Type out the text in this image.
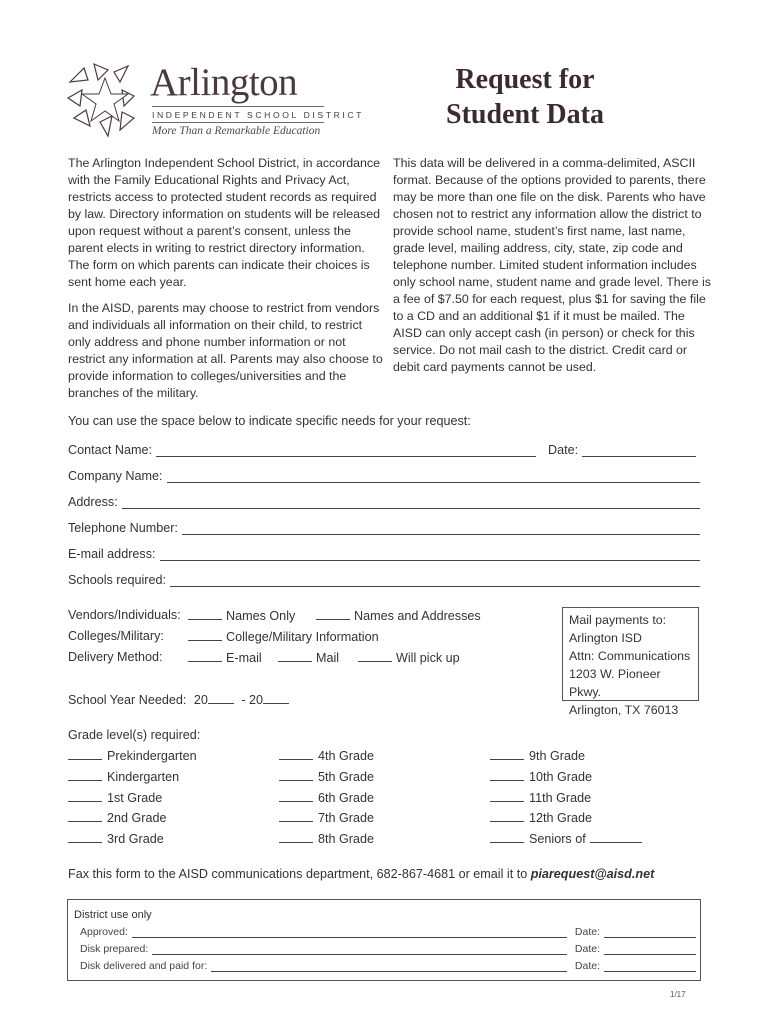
Arlington
INDEPENDENT SCHOOL DISTRICT
More Than a Remarkable Education
Request for
Student Data
The Arlington Independent School District, in accordance with the Family Educational Rights and Privacy Act, restricts access to protected student records as required by law. Directory information on students will be released upon request without a parent’s consent, unless the parent elects in writing to restrict directory information. The form on which parents can indicate their choices is sent home each year.
In the AISD, parents may choose to restrict from vendors and individuals all information on their child, to restrict only address and phone number information or not restrict any information at all. Parents may also choose to provide information to colleges/universities and the branches of the military.
This data will be delivered in a comma-delimited, ASCII format. Because of the options provided to parents, there may be more than one file on the disk. Parents who have chosen not to restrict any information allow the district to provide school name, student’s first name, last name, grade level, mailing address, city, state, zip code and telephone number. Limited student information includes only school name, student name and grade level. There is a fee of $7.50 for each request, plus $1 for saving the file to a CD and an additional $1 if it must be mailed. The AISD can only accept cash (in person) or check for this service. Do not mail cash to the district. Credit card or debit card payments cannot be used.
You can use the space below to indicate specific needs for your request:
Contact Name:	Date:
Company Name:
Address:
Telephone Number:
E-mail address:
Schools required:
Vendors/Individuals:	Names Only	Names and Addresses
Colleges/Military:	College/Military Information
Delivery Method:	E-mail	Mail	Will pick up
School Year Needed: 20	- 20
Mail payments to:
Arlington ISD
Attn: Communications
1203 W. Pioneer Pkwy.
Arlington, TX 76013
Grade level(s) required:
Prekindergarten
Kindergarten
1st Grade
2nd Grade
3rd Grade
4th Grade
5th Grade
6th Grade
7th Grade
8th Grade
9th Grade
10th Grade
11th Grade
12th Grade
Seniors of
Fax this form to the AISD communications department, 682-867-4681 or email it to piarequest@aisd.net
District use only
Approved:	Date:
Disk prepared:	Date:
Disk delivered and paid for:	Date:
1/17
